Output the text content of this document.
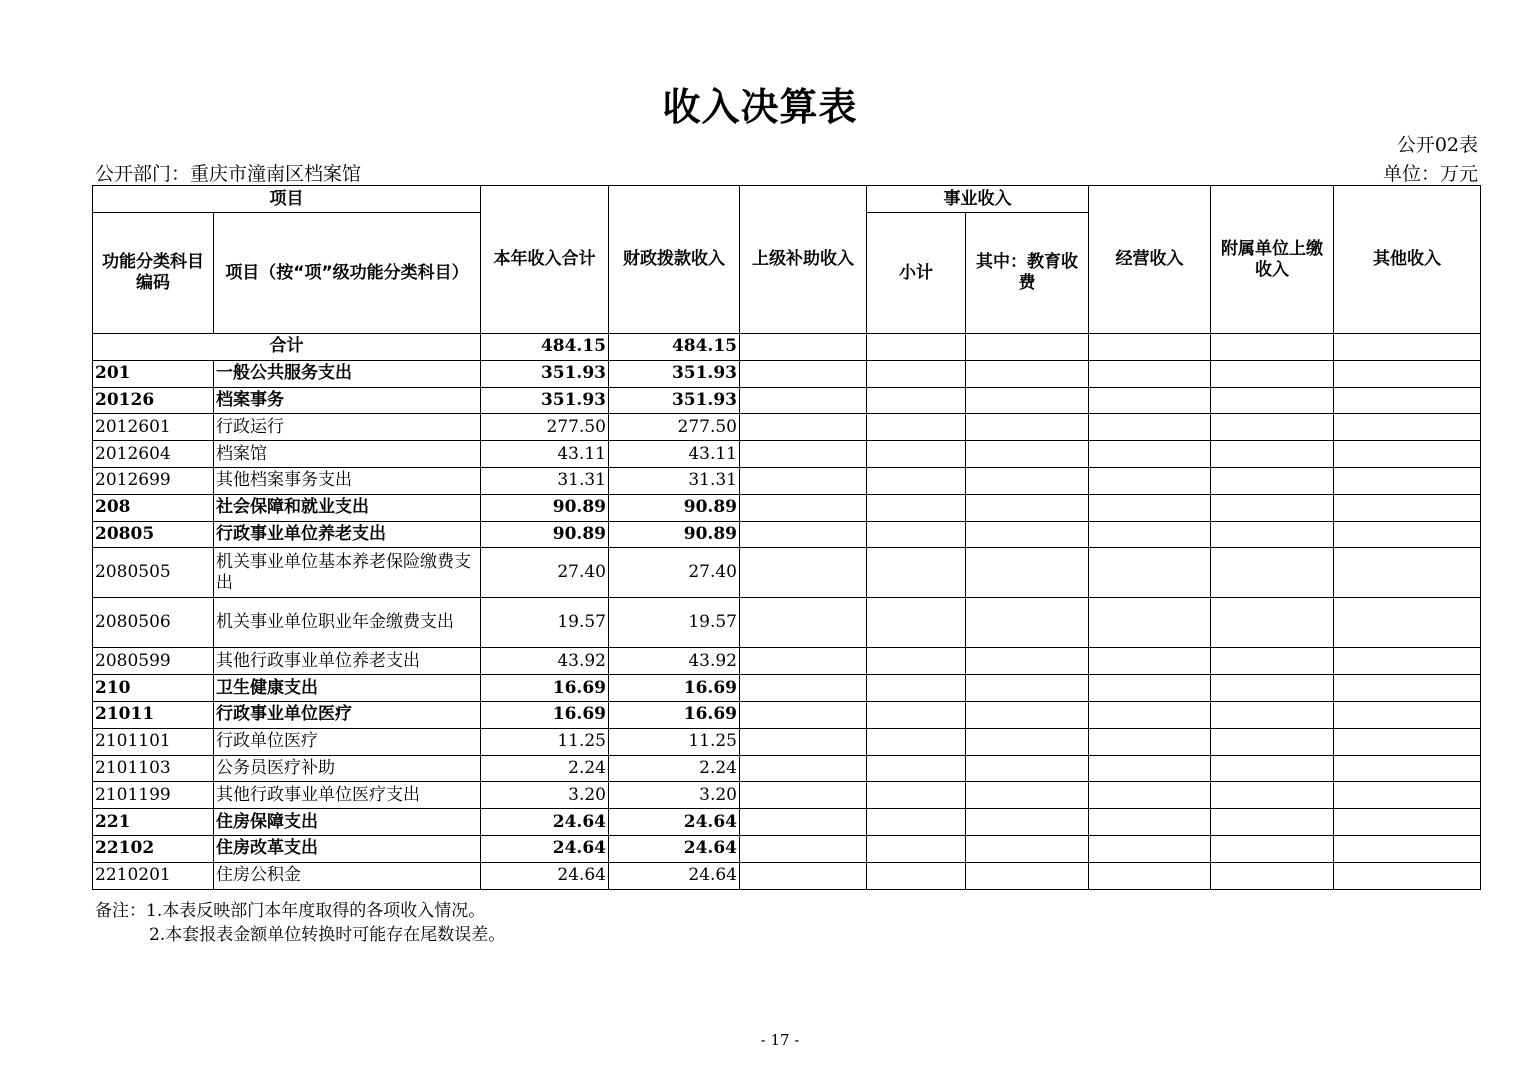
收入决算表
公开02表
公开部门：重庆市潼南区档案馆	单位：万元
项目		本年收入合计	财政拨款收入	上级补助收入	事业收入		经营收入	附属单位上缴收入	其他收入
功能分类科目编码	项目（按“项”级功能分类科目）				小计	其中：教育收费			
合计		484.15	484.15						
201	一般公共服务支出	351.93	351.93						
20126	档案事务	351.93	351.93						
2012601	行政运行	277.50	277.50						
2012604	档案馆	43.11	43.11						
2012699	其他档案事务支出	31.31	31.31						
208	社会保障和就业支出	90.89	90.89						
20805	行政事业单位养老支出	90.89	90.89						
2080505	机关事业单位基本养老保险缴费支出	27.40	27.40						
2080506	机关事业单位职业年金缴费支出	19.57	19.57						
2080599	其他行政事业单位养老支出	43.92	43.92						
210	卫生健康支出	16.69	16.69						
21011	行政事业单位医疗	16.69	16.69						
2101101	行政单位医疗	11.25	11.25						
2101103	公务员医疗补助	2.24	2.24						
2101199	其他行政事业单位医疗支出	3.20	3.20						
221	住房保障支出	24.64	24.64						
22102	住房改革支出	24.64	24.64						
2210201	住房公积金	24.64	24.64						
备注：1.本表反映部门本年度取得的各项收入情况。
2.本套报表金额单位转换时可能存在尾数误差。
- 17 -
